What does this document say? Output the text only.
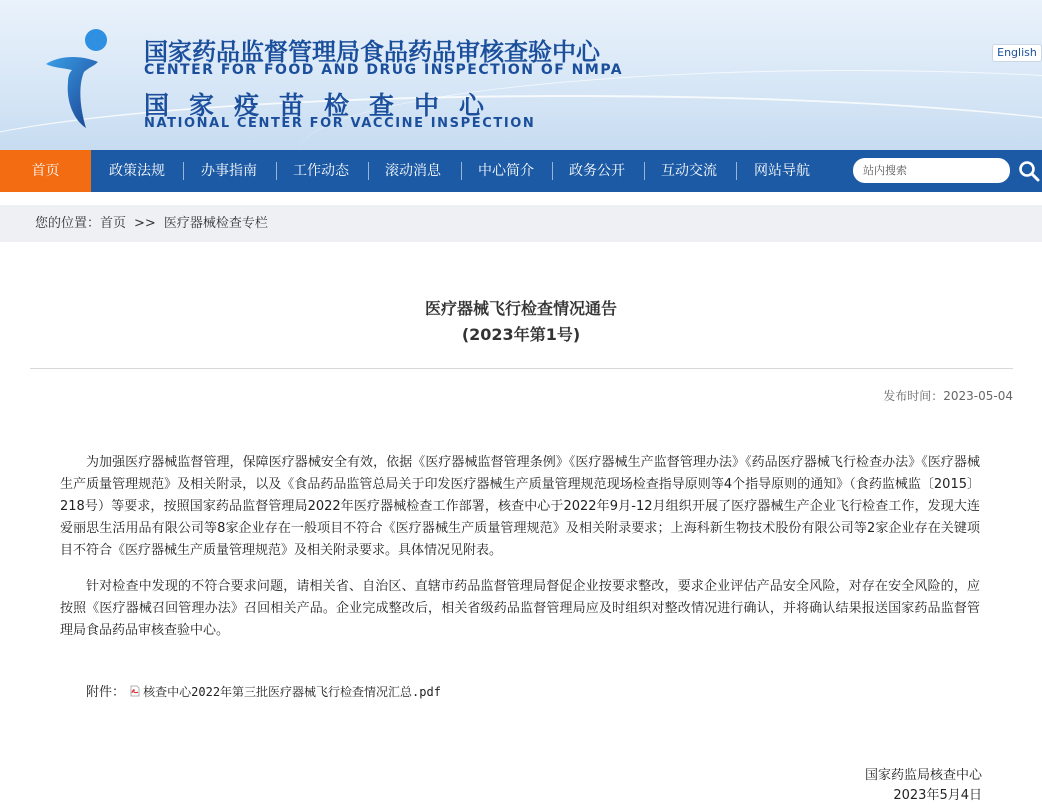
国家药品监督管理局食品药品审核查验中心
CENTER FOR FOOD AND DRUG INSPECTION OF NMPA
国家疫苗检查中心
NATIONAL CENTER FOR VACCINE INSPECTION
English
首页	政策法规	办事指南	工作动态	滚动消息	中心简介	政务公开	互动交流	网站导航
站内搜索
您的位置：首页 >> 医疗器械检查专栏
医疗器械飞行检查情况通告
(2023年第1号)
发布时间：2023-05-04

为加强医疗器械监督管理，保障医疗器械安全有效，依据《医疗器械监督管理条例》《医疗器械生产监督管理办法》《药品医疗器械飞行检查办法》《医疗器械生产质量管理规范》及相关附录，以及《食品药品监管总局关于印发医疗器械生产质量管理规范现场检查指导原则等4个指导原则的通知》（食药监械监〔2015〕218号）等要求，按照国家药品监督管理局2022年医疗器械检查工作部署，核查中心于2022年9月-12月组织开展了医疗器械生产企业飞行检查工作，发现大连爱丽思生活用品有限公司等8家企业存在一般项目不符合《医疗器械生产质量管理规范》及相关附录要求；上海科新生物技术股份有限公司等2家企业存在关键项目不符合《医疗器械生产质量管理规范》及相关附录要求。具体情况见附表。

针对检查中发现的不符合要求问题，请相关省、自治区、直辖市药品监督管理局督促企业按要求整改，要求企业评估产品安全风险，对存在安全风险的，应按照《医疗器械召回管理办法》召回相关产品。企业完成整改后，相关省级药品监督管理局应及时组织对整改情况进行确认，并将确认结果报送国家药品监督管理局食品药品审核查验中心。

附件： 核查中心2022年第三批医疗器械飞行检查情况汇总.pdf
国家药监局核查中心
2023年5月4日
